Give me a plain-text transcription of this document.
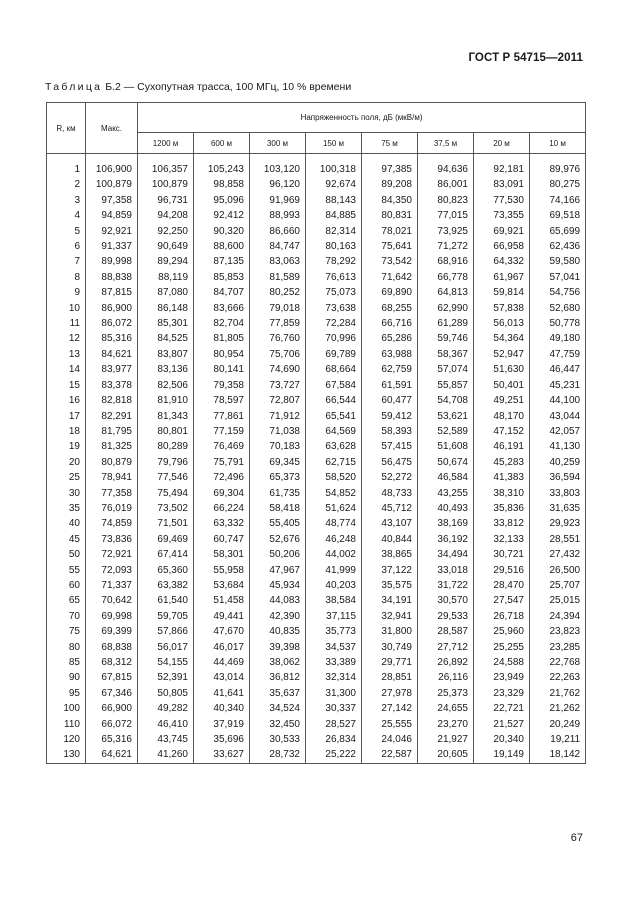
ГОСТ Р 54715—2011
Таблица Б.2 — Сухопутная трасса, 100 МГц, 10 % времени
R, км	Макс.	Напряженность поля, дБ (мкВ/м)							
		1200 м	600 м	300 м	150 м	75 м	37,5 м	20 м	10 м

1	106,900	106,357	105,243	103,120	100,318	97,385	94,636	92,181	89,976
2	100,879	100,879	98,858	96,120	92,674	89,208	86,001	83,091	80,275
3	97,358	96,731	95,096	91,969	88,143	84,350	80,823	77,530	74,166
4	94,859	94,208	92,412	88,993	84,885	80,831	77,015	73,355	69,518
5	92,921	92,250	90,320	86,660	82,314	78,021	73,925	69,921	65,699
6	91,337	90,649	88,600	84,747	80,163	75,641	71,272	66,958	62,436
7	89,998	89,294	87,135	83,063	78,292	73,542	68,916	64,332	59,580
8	88,838	88,119	85,853	81,589	76,613	71,642	66,778	61,967	57,041
9	87,815	87,080	84,707	80,252	75,073	69,890	64,813	59,814	54,756
10	86,900	86,148	83,666	79,018	73,638	68,255	62,990	57,838	52,680
11	86,072	85,301	82,704	77,859	72,284	66,716	61,289	56,013	50,778
12	85,316	84,525	81,805	76,760	70,996	65,286	59,746	54,364	49,180
13	84,621	83,807	80,954	75,706	69,789	63,988	58,367	52,947	47,759
14	83,977	83,136	80,141	74,690	68,664	62,759	57,074	51,630	46,447
15	83,378	82,506	79,358	73,727	67,584	61,591	55,857	50,401	45,231
16	82,818	81,910	78,597	72,807	66,544	60,477	54,708	49,251	44,100
17	82,291	81,343	77,861	71,912	65,541	59,412	53,621	48,170	43,044
18	81,795	80,801	77,159	71,038	64,569	58,393	52,589	47,152	42,057
19	81,325	80,289	76,469	70,183	63,628	57,415	51,608	46,191	41,130
20	80,879	79,796	75,791	69,345	62,715	56,475	50,674	45,283	40,259
25	78,941	77,546	72,496	65,373	58,520	52,272	46,584	41,383	36,594
30	77,358	75,494	69,304	61,735	54,852	48,733	43,255	38,310	33,803
35	76,019	73,502	66,224	58,418	51,624	45,712	40,493	35,836	31,635
40	74,859	71,501	63,332	55,405	48,774	43,107	38,169	33,812	29,923
45	73,836	69,469	60,747	52,676	46,248	40,844	36,192	32,133	28,551
50	72,921	67,414	58,301	50,206	44,002	38,865	34,494	30,721	27,432
55	72,093	65,360	55,958	47,967	41,999	37,122	33,018	29,516	26,500
60	71,337	63,382	53,684	45,934	40,203	35,575	31,722	28,470	25,707
65	70,642	61,540	51,458	44,083	38,584	34,191	30,570	27,547	25,015
70	69,998	59,705	49,441	42,390	37,115	32,941	29,533	26,718	24,394
75	69,399	57,866	47,670	40,835	35,773	31,800	28,587	25,960	23,823
80	68,838	56,017	46,017	39,398	34,537	30,749	27,712	25,255	23,285
85	68,312	54,155	44,469	38,062	33,389	29,771	26,892	24,588	22,768
90	67,815	52,391	43,014	36,812	32,314	28,851	26,116	23,949	22,263
95	67,346	50,805	41,641	35,637	31,300	27,978	25,373	23,329	21,762
100	66,900	49,282	40,340	34,524	30,337	27,142	24,655	22,721	21,262
110	66,072	46,410	37,919	32,450	28,527	25,555	23,270	21,527	20,249
120	65,316	43,745	35,696	30,533	26,834	24,046	21,927	20,340	19,211
130	64,621	41,260	33,627	28,732	25,222	22,587	20,605	19,149	18,142
67
